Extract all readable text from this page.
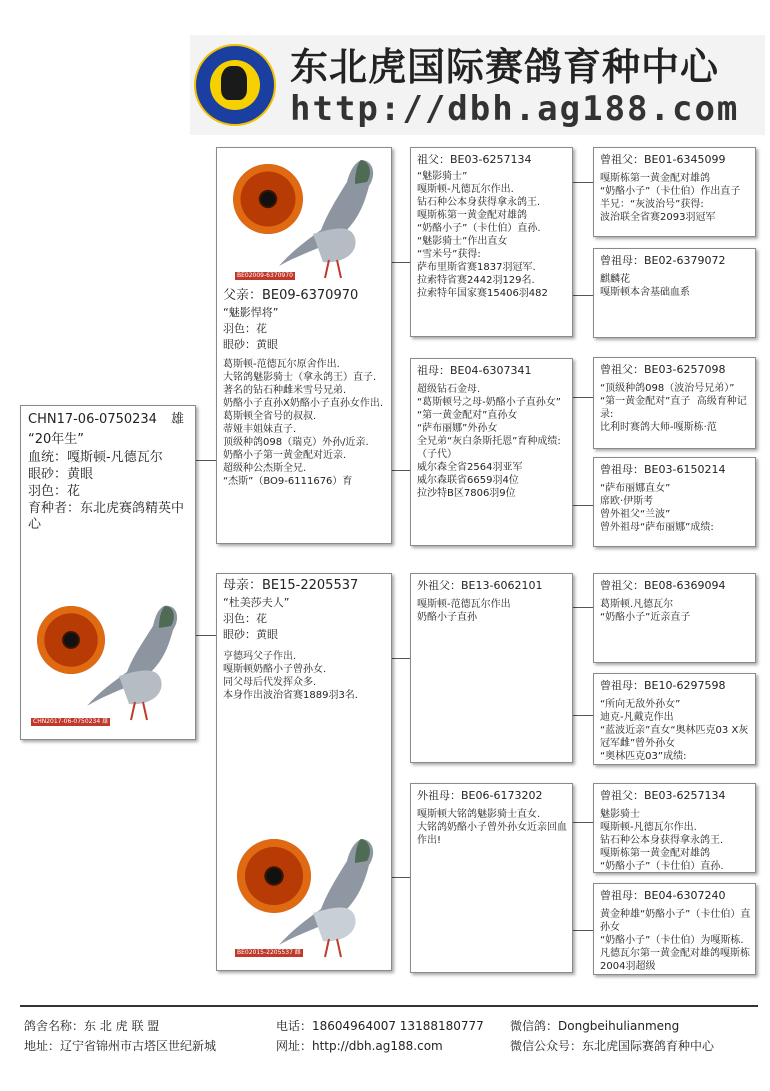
东北虎国际赛鸽育种中心
http://dbh.ag188.com
CHN17-06-0750234 雄
“20年生”
血统：嘎斯顿-凡德瓦尔
眼砂：黄眼
羽色：花
育种者：东北虎赛鸽精英中心
CHN2017-06-0750234 雄
BE02009-6370970
父亲：BE09-6370970
“魅影悍将”
羽色：花
眼砂：黄眼
葛斯顿-范德瓦尔原舍作出.
大铭鸽魅影骑士（拿永鸽王）直子.
著名的钻石种雌米雪号兄弟.
奶酪小子直孙X奶酪小子直孙女作出.
葛斯顿全省号的叔叔.
蒂娅丰姐妹直子.
顶级种鸽098（瑞克）外孙/近亲.
奶酪小子第一黄金配对近亲.
超级种公杰斯全兄.
“杰斯”（BO9-6111676）育
母亲：BE15-2205537
“杜美莎夫人”
羽色：花
眼砂：黄眼
亨德玛父子作出.
嘎斯顿奶酪小子曾孙女.
同父母后代发挥众多.
本身作出波治省赛1889羽3名.
BE02015-2205537 雌
祖父：BE03-6257134
“魅影骑士”
嘎斯顿-凡德瓦尔作出.
钻石种公本身获得拿永鸽王.
嘎斯栋第一黄金配对雄鸽
“奶酪小子”（卡仕伯）直孙.
“魅影骑士”作出直女
“雪米号”获得:
萨布里斯省赛1837羽冠军.
拉索特省赛2442羽129名.
拉索特年国家赛15406羽482
祖母：BE04-6307341
超级钻石金母.
“葛斯顿号之母-奶酪小子直孙女”
“第一黄金配对”直孙女
“萨布丽娜”外孙女
全兄弟“灰白条斯托恩”育种成绩:（子代）
威尔森全省2564羽亚军
威尔森联省6659羽4位
拉沙特B区7806羽9位
外祖父：BE13-6062101
嘎斯顿-范德瓦尔作出
奶酪小子直孙
外祖母：BE06-6173202
嘎斯顿大铭鸽魅影骑士直女.
大铭鸽奶酪小子曾外孙女近亲回血作出!
曾祖父：BE01-6345099
嘎斯栋第一黄金配对雄鸽
“奶酪小子”（卡仕伯）作出直子
半兄：“灰波治号”获得:
波治联全省赛2093羽冠军
曾祖母：BE02-6379072
麒麟花
嘎斯顿本舍基础血系
曾祖父：BE03-6257098
“顶级种鸽098（波治号兄弟）”
“第一黄金配对”直子  高级育种记录:
比利时赛鸽大师-嘎斯栋·范
曾祖母：BE03-6150214
“萨布丽娜直女”
席欧·伊斯考
曾外祖父“兰波”
曾外祖母“萨布丽娜”成绩:
曾祖父：BE08-6369094
葛斯顿.凡德瓦尔
“奶酪小子”近亲直子
曾祖母：BE10-6297598
“所向无敌外孙女”
迪克-凡戴克作出
“蓝波近亲”直女“奥林匹克03 X灰冠军雌”曾外孙女
“奥林匹克03”成绩:
曾祖父：BE03-6257134
魅影骑士
嘎斯顿-凡德瓦尔作出.
钻石种公本身获得拿永鸽王.
嘎斯栋第一黄金配对雄鸽
“奶酪小子”（卡仕伯）直孙.
曾祖母：BE04-6307240
黄金种雄“奶酪小子”（卡仕伯）直孙女
“奶酪小子”（卡仕伯）为嘎斯栋.凡德瓦尔第一黄金配对雄鸽嘎斯栋2004羽超级
鸽舍名称：东 北 虎 联 盟	电话：18604964007 13188180777 微信鸽：Dongbeihulianmeng
地址：辽宁省锦州市古塔区世纪新城	网址：http://dbh.ag188.com	微信公众号：东北虎国际赛鸽育种中心
